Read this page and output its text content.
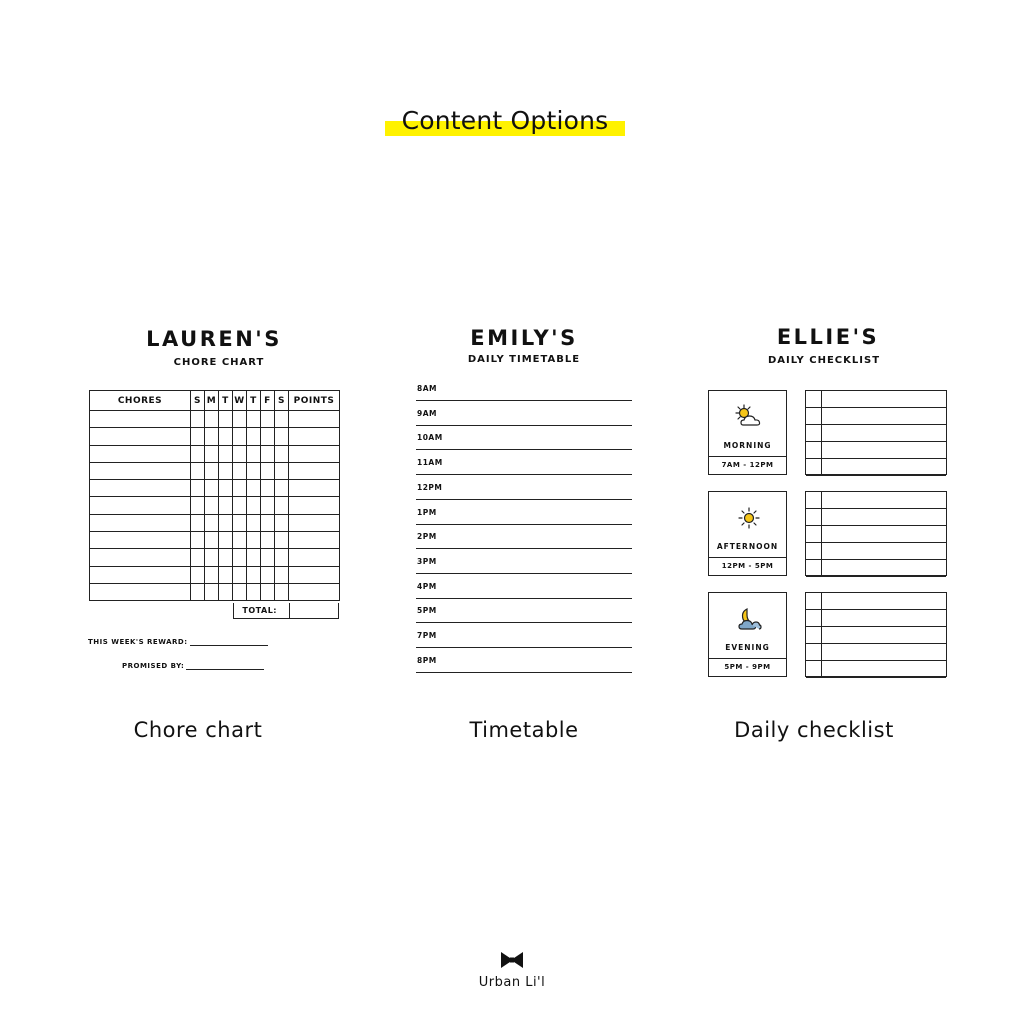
Content Options
LAUREN'S
CHORE CHART
CHORES	S	M	T	W	T	F	S	POINTS

TOTAL:
THIS WEEK'S REWARD:
PROMISED BY:
Chore chart
EMILY'S
DAILY TIMETABLE
8AM
9AM
10AM
11AM
12PM
1PM
2PM
3PM
4PM
5PM
7PM
8PM
Timetable
ELLIE'S
DAILY CHECKLIST
MORNING
7AM - 12PM
AFTERNOON
12PM - 5PM
EVENING
5PM - 9PM
Daily checklist
Urban Li'l
